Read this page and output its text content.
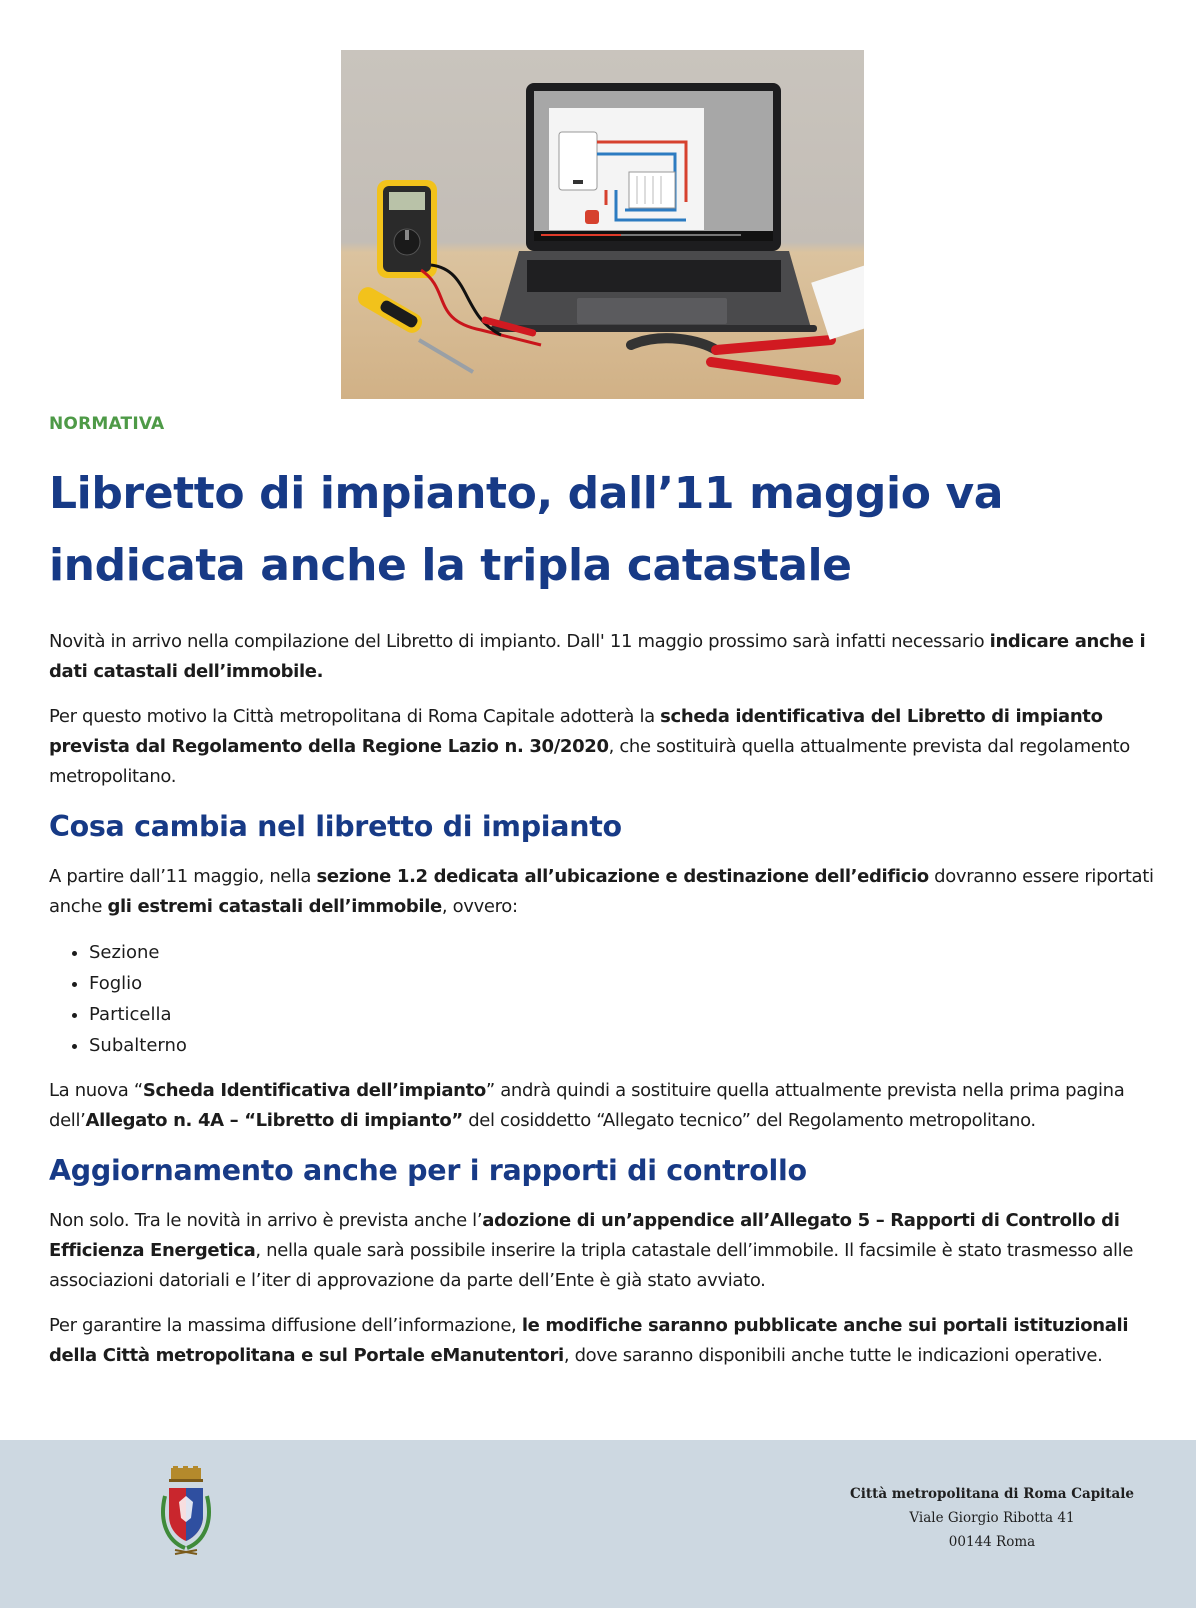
NORMATIVA
Libretto di impianto, dall’11 maggio va indicata anche la tripla catastale

Novità in arrivo nella compilazione del Libretto di impianto. Dall' 11 maggio prossimo sarà infatti necessario indicare anche i dati catastali dell’immobile.

Per questo motivo la Città metropolitana di Roma Capitale adotterà la scheda identificativa del Libretto di impianto prevista dal Regolamento della Regione Lazio n. 30/2020, che sostituirà quella attualmente prevista dal regolamento metropolitano.

Cosa cambia nel libretto di impianto

A partire dall’11 maggio, nella sezione 1.2 dedicata all’ubicazione e destinazione dell’edificio dovranno essere riportati anche gli estremi catastali dell’immobile, ovvero:

• Sezione
• Foglio
• Particella
• Subalterno

La nuova “Scheda Identificativa dell’impianto” andrà quindi a sostituire quella attualmente prevista nella prima pagina dell’Allegato n. 4A – “Libretto di impianto” del cosiddetto “Allegato tecnico” del Regolamento metropolitano.

Aggiornamento anche per i rapporti di controllo

Non solo. Tra le novità in arrivo è prevista anche l’adozione di un’appendice all’Allegato 5 – Rapporti di Controllo di Efficienza Energetica, nella quale sarà possibile inserire la tripla catastale dell’immobile. Il facsimile è stato trasmesso alle associazioni datoriali e l’iter di approvazione da parte dell’Ente è già stato avviato.

Per garantire la massima diffusione dell’informazione, le modifiche saranno pubblicate anche sui portali istituzionali della Città metropolitana e sul Portale eManutentori, dove saranno disponibili anche tutte le indicazioni operative.

Città metropolitana di Roma Capitale
Viale Giorgio Ribotta 41
00144 Roma
